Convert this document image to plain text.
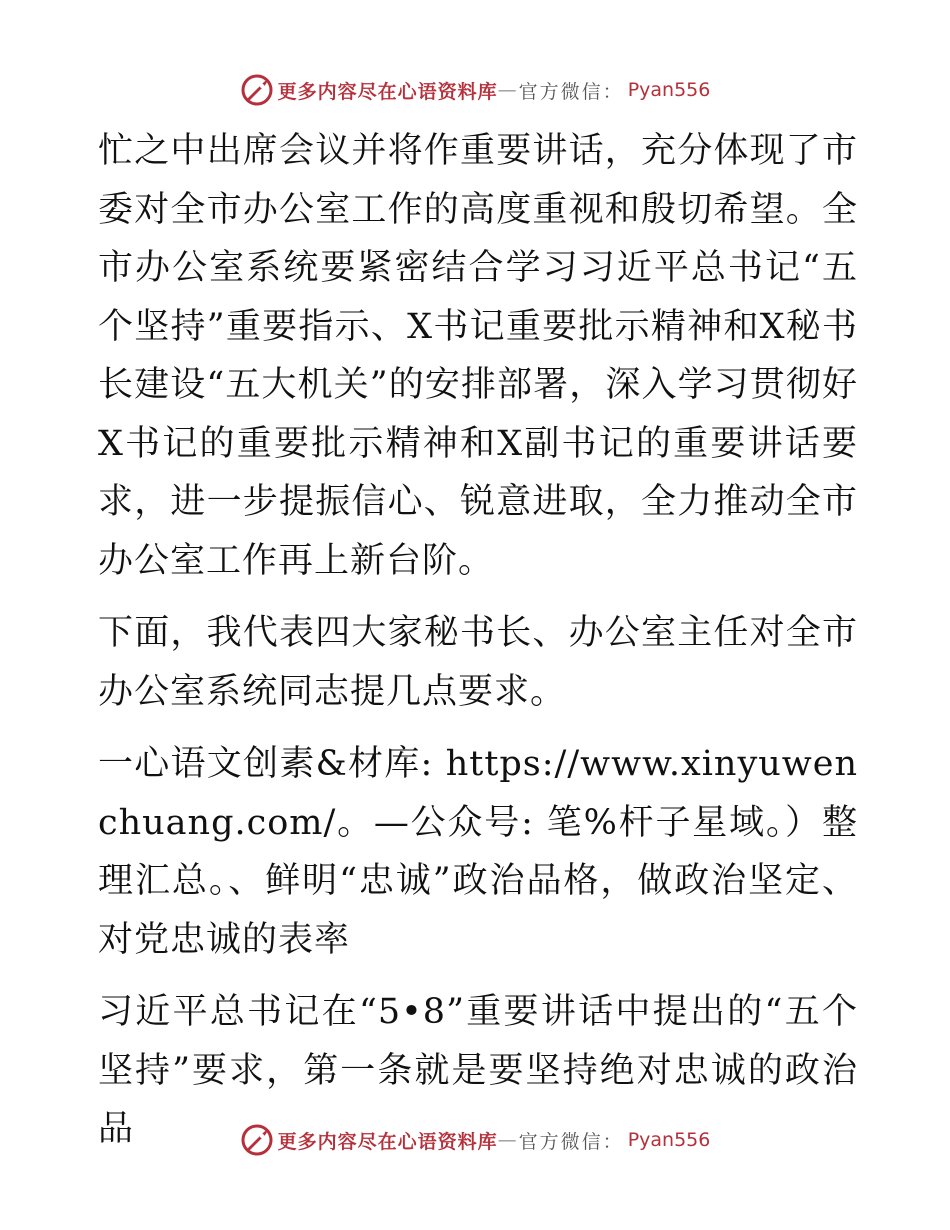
更多内容尽在心语资料库 — 官方微信 ： Pyan556

忙之中出席会议并将作重要讲话，充分体现了市委对全市办公室工作的高度重视和殷切希望。全市办公室系统要紧密结合学习习近平总书记“五个坚持”重要指示、X书记重要批示精神和X秘书长建设“五大机关”的安排部署，深入学习贯彻好X书记的重要批示精神和X副书记的重要讲话要求，进一步提振信心、锐意进取，全力推动全市办公室工作再上新台阶。

下面，我代表四大家秘书长、办公室主任对全市办公室系统同志提几点要求。

一心语文创素&材库: https://www.xinyuwenchuang.com/。—公众号: 笔%杆子星域。）整理汇总。、鲜明“忠诚”政治品格，做政治坚定、对党忠诚的表率

习近平总书记在“5•8”重要讲话中提出的“五个坚持”要求，第一条就是要坚持绝对忠诚的政治品	更多内容尽在心语资料库 — 官方微信 ： Pyan556
